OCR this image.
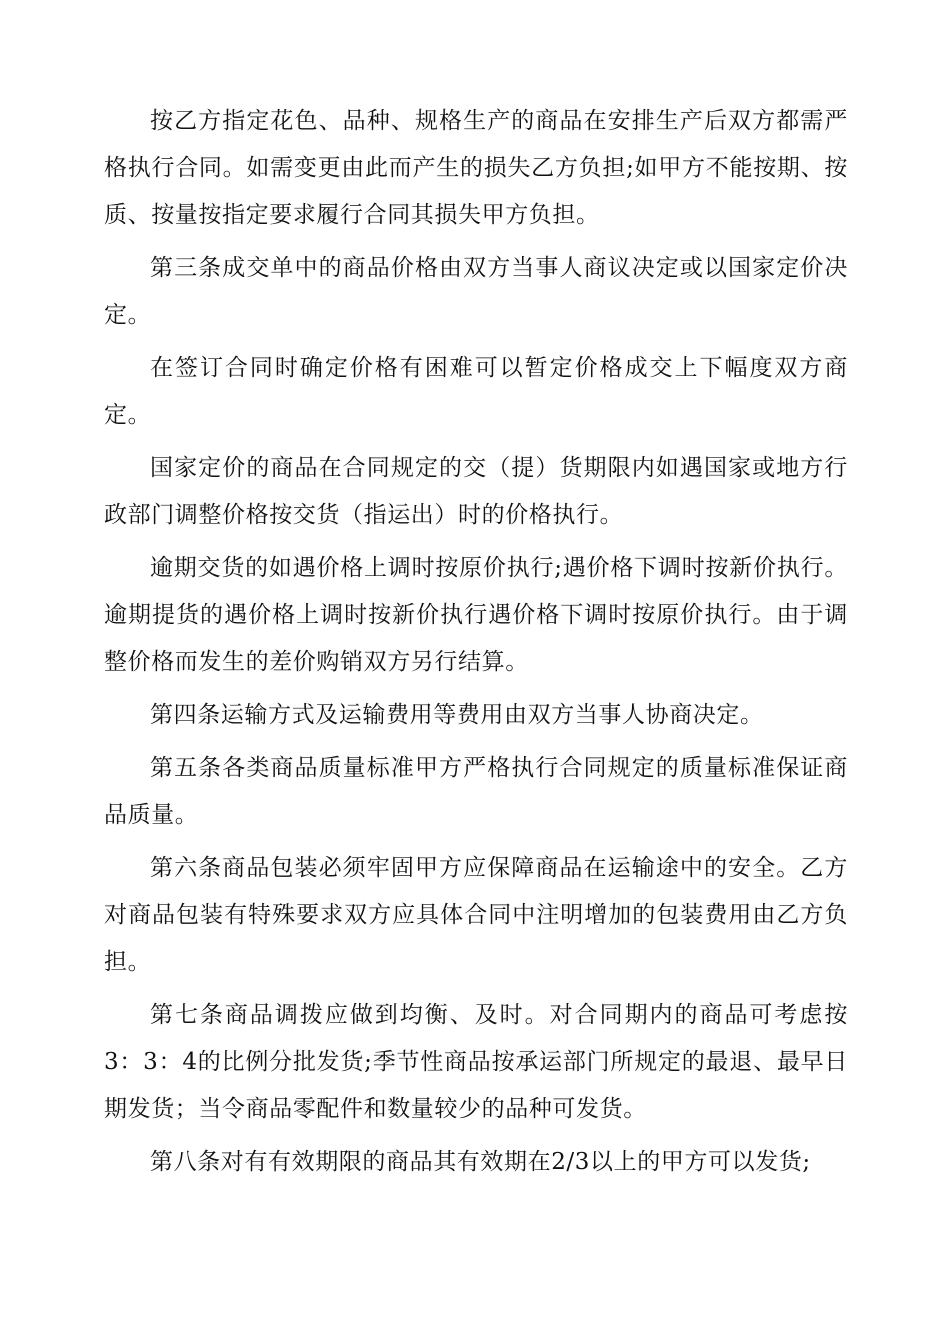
按乙方指定花色、品种、规格生产的商品在安排生产后双方都需严格执行合同。如需变更由此而产生的损失乙方负担;如甲方不能按期、按质、按量按指定要求履行合同其损失甲方负担。

第三条成交单中的商品价格由双方当事人商议决定或以国家定价决定。

在签订合同时确定价格有困难可以暂定价格成交上下幅度双方商定。

国家定价的商品在合同规定的交（提）货期限内如遇国家或地方行政部门调整价格按交货（指运出）时的价格执行。

逾期交货的如遇价格上调时按原价执行;遇价格下调时按新价执行。逾期提货的遇价格上调时按新价执行遇价格下调时按原价执行。由于调整价格而发生的差价购销双方另行结算。

第四条运输方式及运输费用等费用由双方当事人协商决定。

第五条各类商品质量标准甲方严格执行合同规定的质量标准保证商品质量。

第六条商品包装必须牢固甲方应保障商品在运输途中的安全。乙方对商品包装有特殊要求双方应具体合同中注明增加的包装费用由乙方负担。

第七条商品调拨应做到均衡、及时。对合同期内的商品可考虑按3：3：4的比例分批发货;季节性商品按承运部门所规定的最退、最早日期发货；当令商品零配件和数量较少的品种可发货。

第八条对有有效期限的商品其有效期在2/3以上的甲方可以发货;
